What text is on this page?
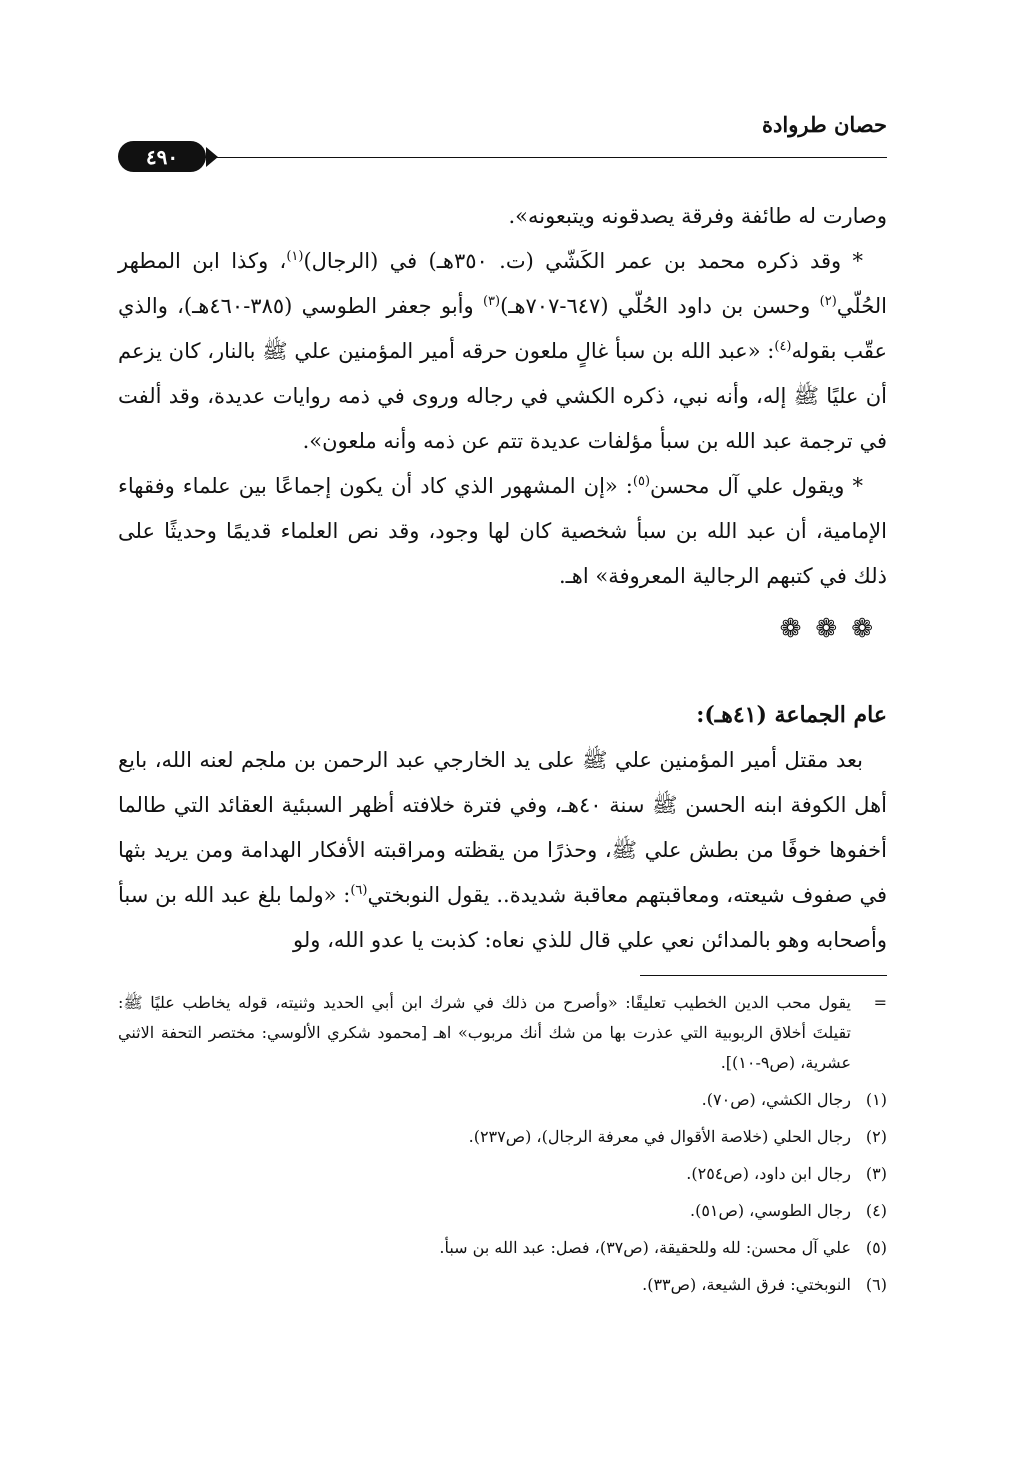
حصان طروادة
٤٩٠

وصارت له طائفة وفرقة يصدقونه ويتبعونه».

* وقد ذكره محمد بن عمر الكَشّي (ت. ٣٥٠هـ) في (الرجال)$^{(١)}$، وكذا ابن المطهر الحُلّي$^{(٢)}$ وحسن بن داود الحُلّي (٦٤٧-٧٠٧هـ)$^{(٣)}$ وأبو جعفر الطوسي (٣٨٥-٤٦٠هـ)، والذي عقّب بقوله$^{(٤)}$: «عبد الله بن سبأ غالٍ ملعون حرقه أمير المؤمنين علي ﷺ بالنار، كان يزعم أن عليًا ﷺ إله، وأنه نبي، ذكره الكشي في رجاله وروى في ذمه روايات عديدة، وقد ألفت في ترجمة عبد الله بن سبأ مؤلفات عديدة تتم عن ذمه وأنه ملعون».

* ويقول علي آل محسن$^{(٥)}$: «إن المشهور الذي كاد أن يكون إجماعًا بين علماء وفقهاء الإمامية، أن عبد الله بن سبأ شخصية كان لها وجود، وقد نص العلماء قديمًا وحديثًا على ذلك في كتبهم الرجالية المعروفة» اهـ.

❁❁❁

عام الجماعة (٤١هـ):

بعد مقتل أمير المؤمنين علي ﷺ على يد الخارجي عبد الرحمن بن ملجم لعنه الله، بايع أهل الكوفة ابنه الحسن ﷺ سنة ٤٠هـ، وفي فترة خلافته أظهر السبئية العقائد التي طالما أخفوها خوفًا من بطش علي ﷺ، وحذرًا من يقظته ومراقبته الأفكار الهدامة ومن يريد بثها في صفوف شيعته، ومعاقبتهم معاقبة شديدة.. يقول النوبختي$^{(٦)}$: «ولما بلغ عبد الله بن سبأ وأصحابه وهو بالمدائن نعي علي قال للذي نعاه: كذبت يا عدو الله، ولو

=
يقول محب الدين الخطيب تعليقًا: «وأصرح من ذلك في شرك ابن أبي الحديد وثنيته، قوله يخاطب عليًا ﷺ: تقيلتَ أخلاق الربوبية التي عذرت بها من شك أنك مربوب» اهـ [محمود شكري الألوسي: مختصر التحفة الاثني عشرية، (ص٩-١٠)].
(١)
رجال الكشي، (ص٧٠).
(٢)
رجال الحلي (خلاصة الأقوال في معرفة الرجال)، (ص٢٣٧).
(٣)
رجال ابن داود، (ص٢٥٤).
(٤)
رجال الطوسي، (ص٥١).
(٥)
علي آل محسن: لله وللحقيقة، (ص٣٧)، فصل: عبد الله بن سبأ.
(٦)
النوبختي: فرق الشيعة، (ص٣٣).
